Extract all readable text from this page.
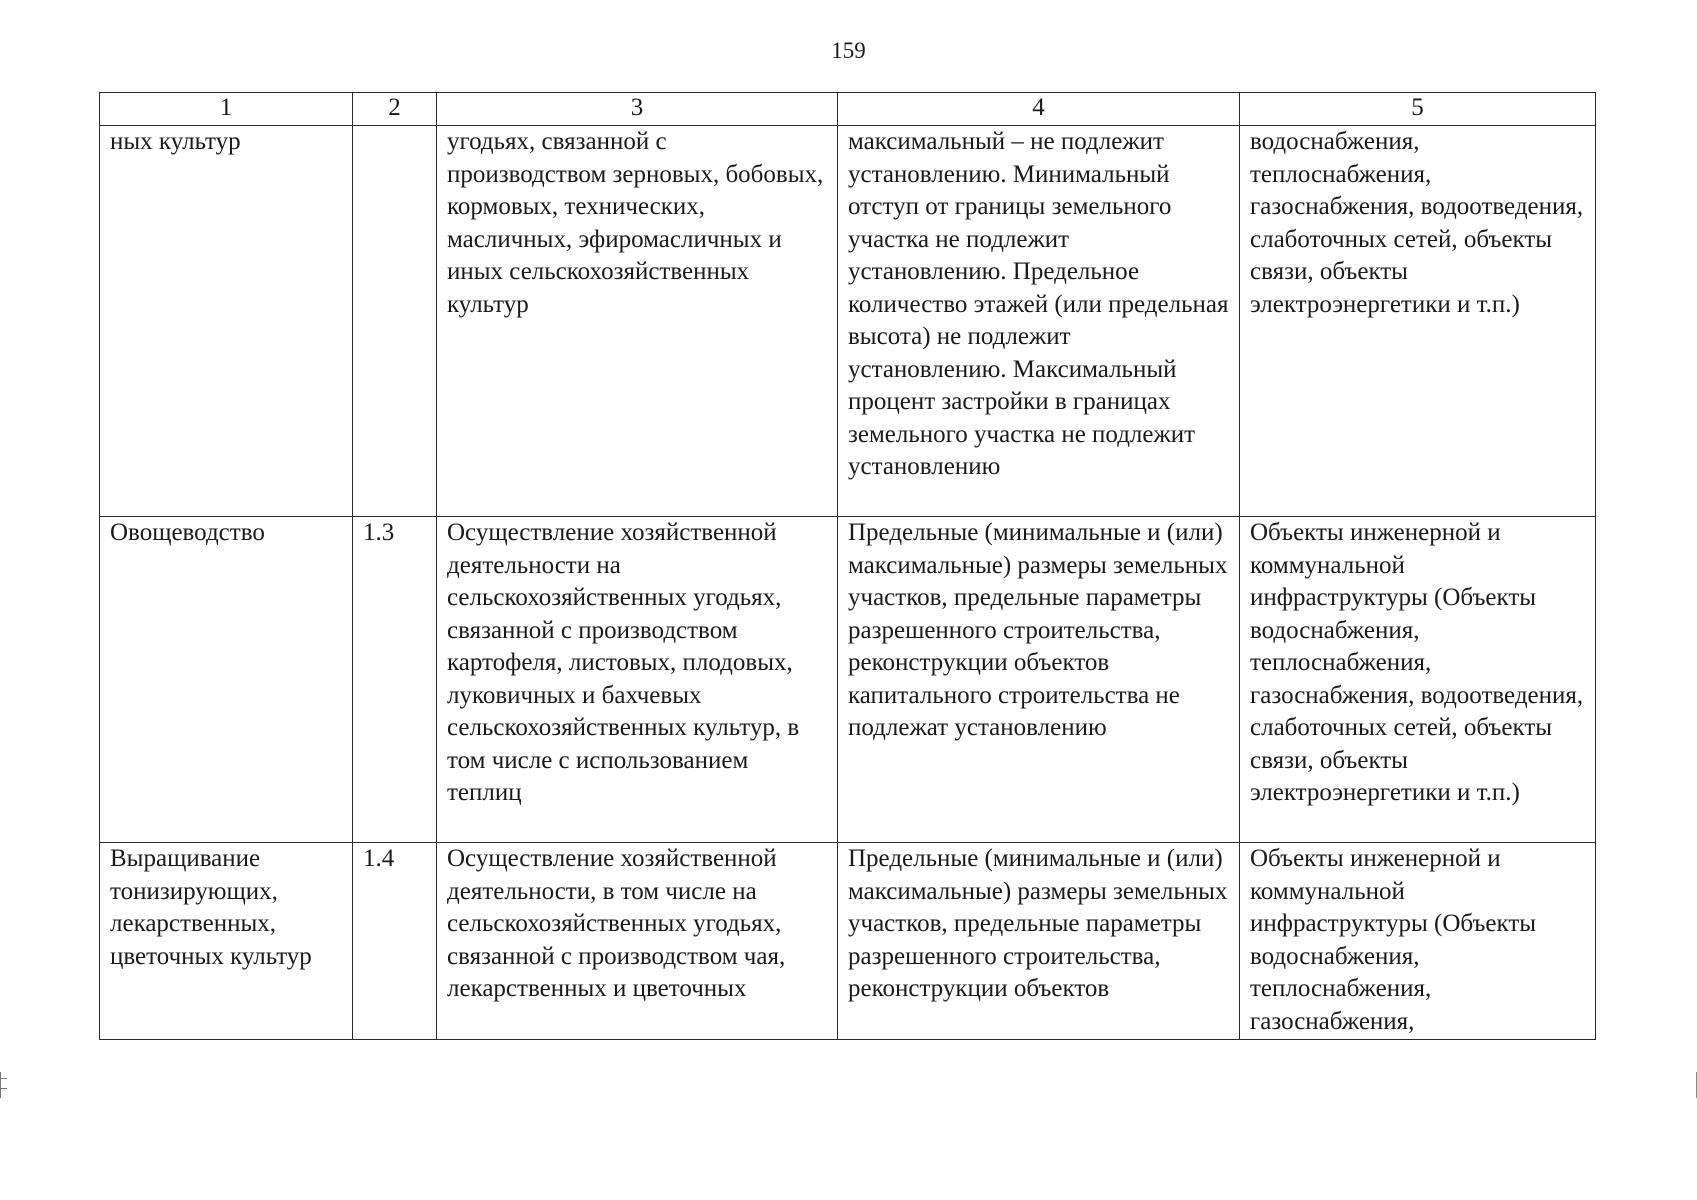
159
1	2	3	4	5

ных культур		угодьях, связанной с производством зерновых, бобовых, кормовых, технических, масличных, эфиромасличных и иных сельскохозяйственных культур	максимальный – не подлежит установлению. Минимальный отступ от границы земельного участка не подлежит установлению. Предельное количество этажей (или предельная высота) не подлежит установлению. Максимальный процент застройки в границах земельного участка не подлежит установлению	водоснабжения, теплоснабжения, газоснабжения, водоотведения, слаботочных сетей, объекты связи, объекты электроэнергетики и т.п.)

Овощеводство	1.3	Осуществление хозяйственной деятельности на сельскохозяйственных угодьях, связанной с производством картофеля, листовых, плодовых, луковичных и бахчевых сельскохозяйственных культур, в том числе с использованием теплиц	Предельные (минимальные и (или) максимальные) размеры земельных участков, предельные параметры разрешенного строительства, реконструкции объектов капитального строительства не подлежат установлению	Объекты инженерной и коммунальной инфраструктуры (Объекты водоснабжения, теплоснабжения, газоснабжения, водоотведения, слаботочных сетей, объекты связи, объекты электроэнергетики и т.п.)

Выращивание тонизирующих, лекарственных, цветочных культур	1.4	Осуществление хозяйственной деятельности, в том числе на сельскохозяйственных угодьях, связанной с производством чая, лекарственных и цветочных	Предельные (минимальные и (или) максимальные) размеры земельных участков, предельные параметры разрешенного строительства, реконструкции объектов	Объекты инженерной и коммунальной инфраструктуры (Объекты водоснабжения, теплоснабжения, газоснабжения,
